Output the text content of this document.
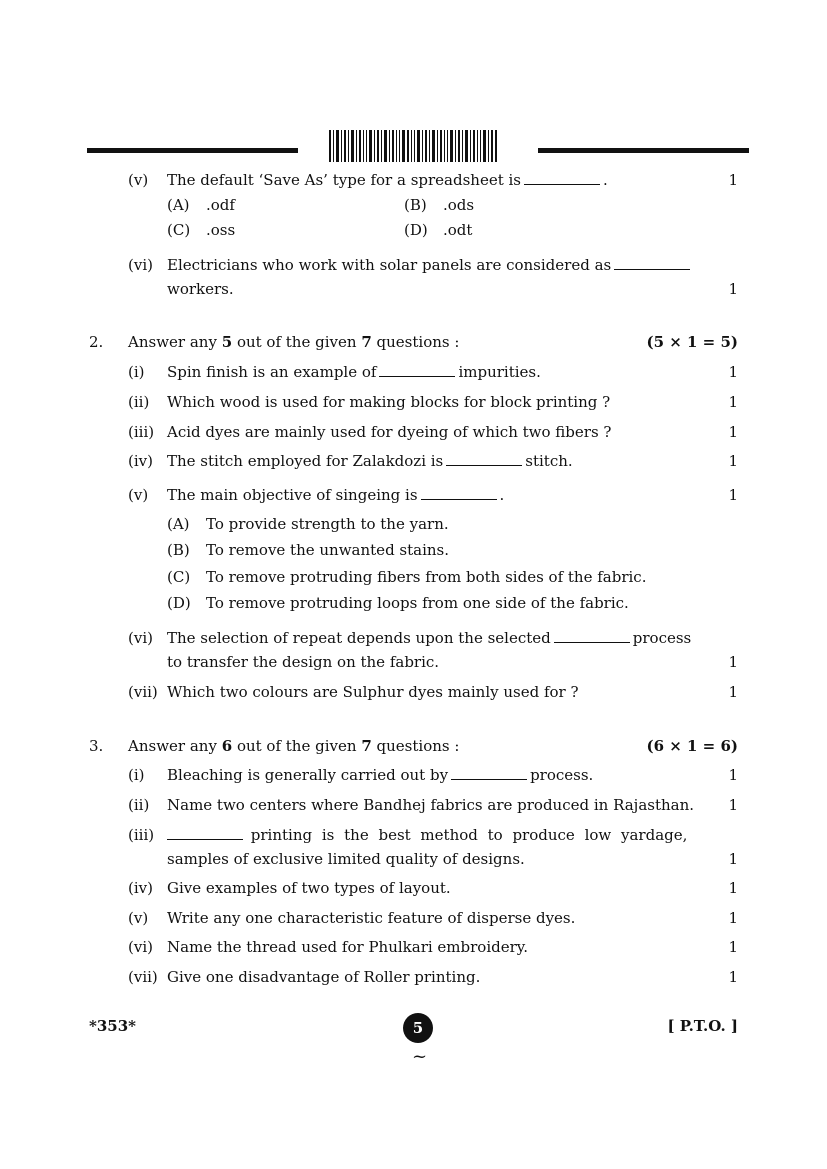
(v) The default ‘Save As’ type for a spreadsheet is	.	1
(A) .odf	(B) .ods
(C) .oss	(D) .odt
(vi) Electricians who work with solar panels are considered as
workers.	1
2. Answer any 5 out of the given 7 questions :	(5 × 1 = 5)
(i) Spin finish is an example of	impurities.	1
(ii) Which wood is used for making blocks for block printing ?	1
(iii) Acid dyes are mainly used for dyeing of which two fibers ?	1
(iv) The stitch employed for Zalakdozi is	stitch.	1
(v) The main objective of singeing is	.	1
(A) To provide strength to the yarn.
(B) To remove the unwanted stains.
(C) To remove protruding fibers from both sides of the fabric.
(D) To remove protruding loops from one side of the fabric.
(vi) The selection of repeat depends upon the selected	process
to transfer the design on the fabric.	1
(vii) Which two colours are Sulphur dyes mainly used for ?	1
3. Answer any 6 out of the given 7 questions :	(6 × 1 = 6)
(i) Bleaching is generally carried out by	process.	1
(ii) Name two centers where Bandhej fabrics are produced in Rajasthan. 1
(iii)	printing is the best method to produce low yardage,
samples of exclusive limited quality of designs.	1
(iv) Give examples of two types of layout.	1
(v) Write any one characteristic feature of disperse dyes.	1
(vi) Name the thread used for Phulkari embroidery.	1
(vii) Give one disadvantage of Roller printing.	1
*353*	5
~
[ P.T.O. ]
